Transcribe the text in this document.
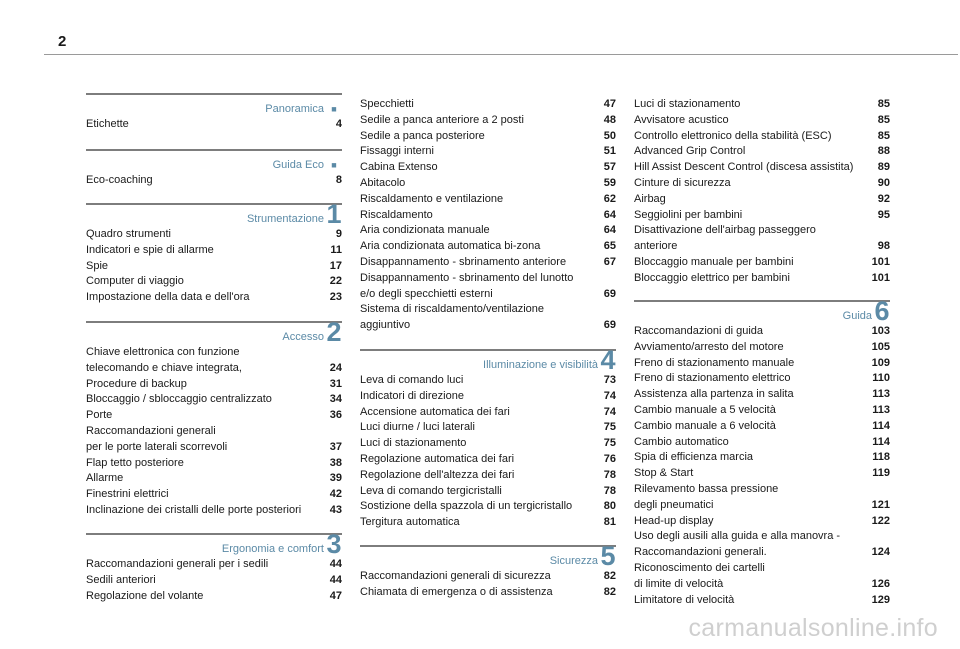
2
Panoramica ■
Etichette	4
Guida Eco ■
Eco-coaching	8
Strumentazione 1
Quadro strumenti	9
Indicatori e spie di allarme	11
Spie	17
Computer di viaggio	22
Impostazione della data e dell'ora	23
Accesso 2
Chiave elettronica con funzione
telecomando e chiave integrata,	24
Procedure di backup	31
Bloccaggio / sbloccaggio centralizzato	34
Porte	36
Raccomandazioni generali
per le porte laterali scorrevoli	37
Flap tetto posteriore	38
Allarme	39
Finestrini elettrici	42
Inclinazione dei cristalli delle porte posteriori	43
Ergonomia e comfort 3
Raccomandazioni generali per i sedili	44
Sedili anteriori	44
Regolazione del volante	47
Specchietti	47
Sedile a panca anteriore a 2 posti	48
Sedile a panca posteriore	50
Fissaggi interni	51
Cabina Extenso	57
Abitacolo	59
Riscaldamento e ventilazione	62
Riscaldamento	64
Aria condizionata manuale	64
Aria condizionata automatica bi-zona	65
Disappannamento - sbrinamento anteriore	67
Disappannamento - sbrinamento del lunotto
e/o degli specchietti esterni	69
Sistema di riscaldamento/ventilazione
aggiuntivo	69
Illuminazione e visibilità 4
Leva di comando luci	73
Indicatori di direzione	74
Accensione automatica dei fari	74
Luci diurne / luci laterali	75
Luci di stazionamento	75
Regolazione automatica dei fari	76
Regolazione dell'altezza dei fari	78
Leva di comando tergicristalli	78
Sostizione della spazzola di un tergicristallo	80
Tergitura automatica	81
Sicurezza 5
Raccomandazioni generali di sicurezza	82
Chiamata di emergenza o di assistenza	82
Luci di stazionamento	85
Avvisatore acustico	85
Controllo elettronico della stabilità (ESC)	85
Advanced Grip Control	88
Hill Assist Descent Control (discesa assistita)	89
Cinture di sicurezza	90
Airbag	92
Seggiolini per bambini	95
Disattivazione dell'airbag passeggero
anteriore	98
Bloccaggio manuale per bambini	101
Bloccaggio elettrico per bambini	101
Guida 6
Raccomandazioni di guida	103
Avviamento/arresto del motore	105
Freno di stazionamento manuale	109
Freno di stazionamento elettrico	110
Assistenza alla partenza in salita	113
Cambio manuale a 5 velocità	113
Cambio manuale a 6 velocità	114
Cambio automatico	114
Spia di efficienza marcia	118
Stop & Start	119
Rilevamento bassa pressione
degli pneumatici	121
Head-up display	122
Uso degli ausili alla guida e alla manovra -
Raccomandazioni generali.	124
Riconoscimento dei cartelli
di limite di velocità	126
Limitatore di velocità	129
carmanualsonline.info
